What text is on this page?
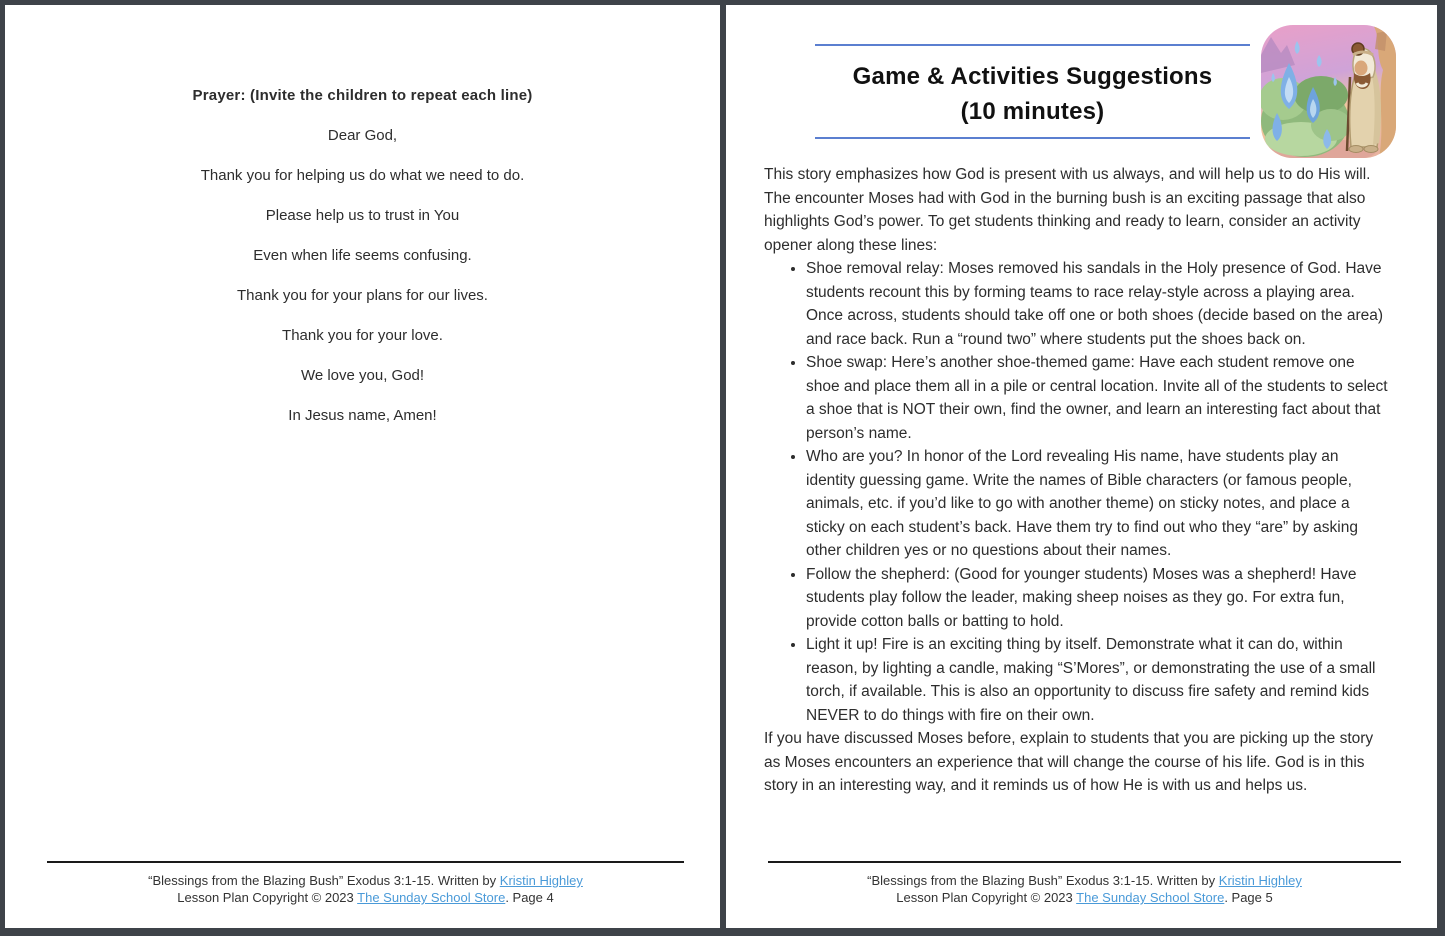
Prayer: (Invite the children to repeat each line)

Dear God,

Thank you for helping us do what we need to do.

Please help us to trust in You

Even when life seems confusing.

Thank you for your plans for our lives.

Thank you for your love.

We love you, God!

In Jesus name, Amen!

“Blessings from the Blazing Bush” Exodus 3:1-15. Written by Kristin Highley
Lesson Plan Copyright © 2023 The Sunday School Store. Page 4
Game & Activities Suggestions
(10 minutes)

This story emphasizes how God is present with us always, and will help us to do His will. The encounter Moses had with God in the burning bush is an exciting passage that also highlights God’s power. To get students thinking and ready to learn, consider an activity opener along these lines:

• Shoe removal relay: Moses removed his sandals in the Holy presence of God. Have students recount this by forming teams to race relay-style across a playing area. Once across, students should take off one or both shoes (decide based on the area) and race back. Run a “round two” where students put the shoes back on.
• Shoe swap: Here’s another shoe-themed game: Have each student remove one shoe and place them all in a pile or central location. Invite all of the students to select a shoe that is NOT their own, find the owner, and learn an interesting fact about that person’s name.
• Who are you? In honor of the Lord revealing His name, have students play an identity guessing game. Write the names of Bible characters (or famous people, animals, etc. if you’d like to go with another theme) on sticky notes, and place a sticky on each student’s back. Have them try to find out who they “are” by asking other children yes or no questions about their names.
• Follow the shepherd: (Good for younger students) Moses was a shepherd! Have students play follow the leader, making sheep noises as they go. For extra fun, provide cotton balls or batting to hold.
• Light it up! Fire is an exciting thing by itself. Demonstrate what it can do, within reason, by lighting a candle, making “S’Mores”, or demonstrating the use of a small torch, if available. This is also an opportunity to discuss fire safety and remind kids NEVER to do things with fire on their own.

If you have discussed Moses before, explain to students that you are picking up the story as Moses encounters an experience that will change the course of his life. God is in this story in an interesting way, and it reminds us of how He is with us and helps us.

“Blessings from the Blazing Bush” Exodus 3:1-15. Written by Kristin Highley
Lesson Plan Copyright © 2023 The Sunday School Store. Page 5
